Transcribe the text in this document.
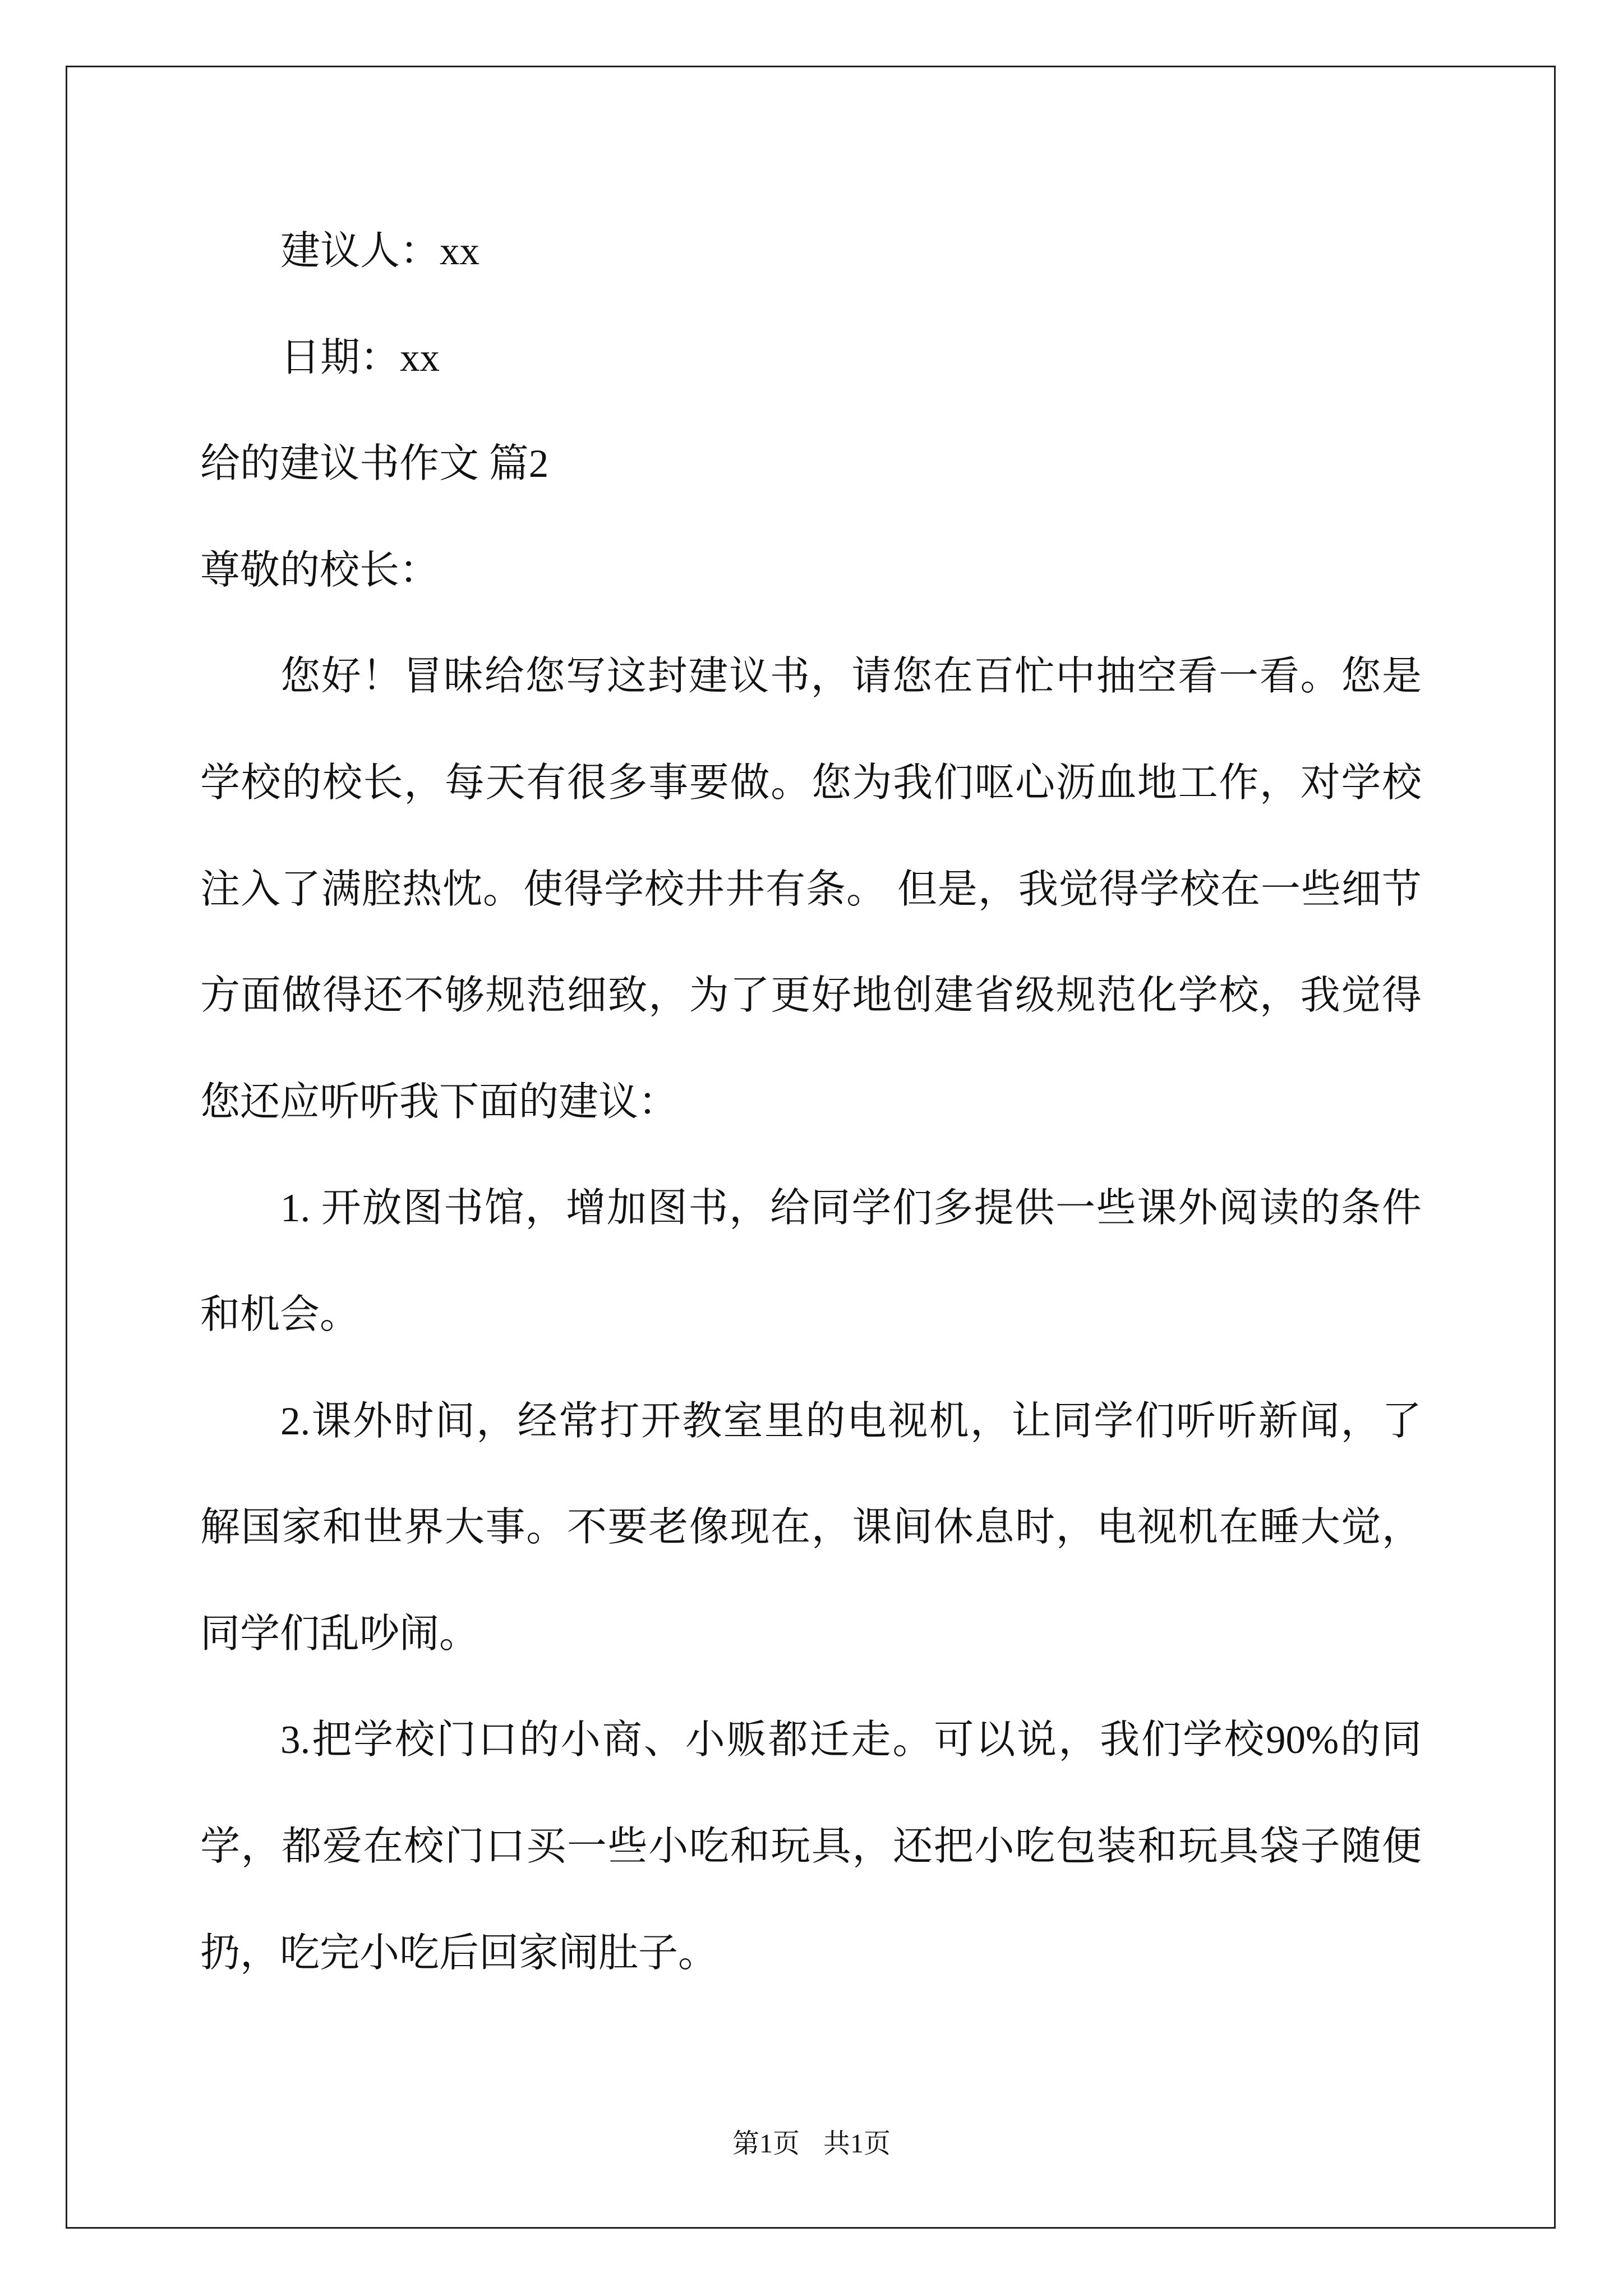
建议人：xx
日期：xx
给的建议书作文 篇2
尊敬的校长：
您好！冒昧给您写这封建议书，请您在百忙中抽空看一看。您是
学校的校长，每天有很多事要做。您为我们呕心沥血地工作，对学校
注入了满腔热忱。使得学校井井有条。 但是，我觉得学校在一些细节
方面做得还不够规范细致，为了更好地创建省级规范化学校，我觉得
您还应听听我下面的建议：
1. 开放图书馆，增加图书，给同学们多提供一些课外阅读的条件
和机会。
2.课外时间，经常打开教室里的电视机，让同学们听听新闻，了
解国家和世界大事。不要老像现在，课间休息时，电视机在睡大觉，
同学们乱吵闹。
3.把学校门口的小商、小贩都迁走。可以说，我们学校90%的同
学，都爱在校门口买一些小吃和玩具，还把小吃包装和玩具袋子随便
扔，吃完小吃后回家闹肚子。
第1页 共1页
